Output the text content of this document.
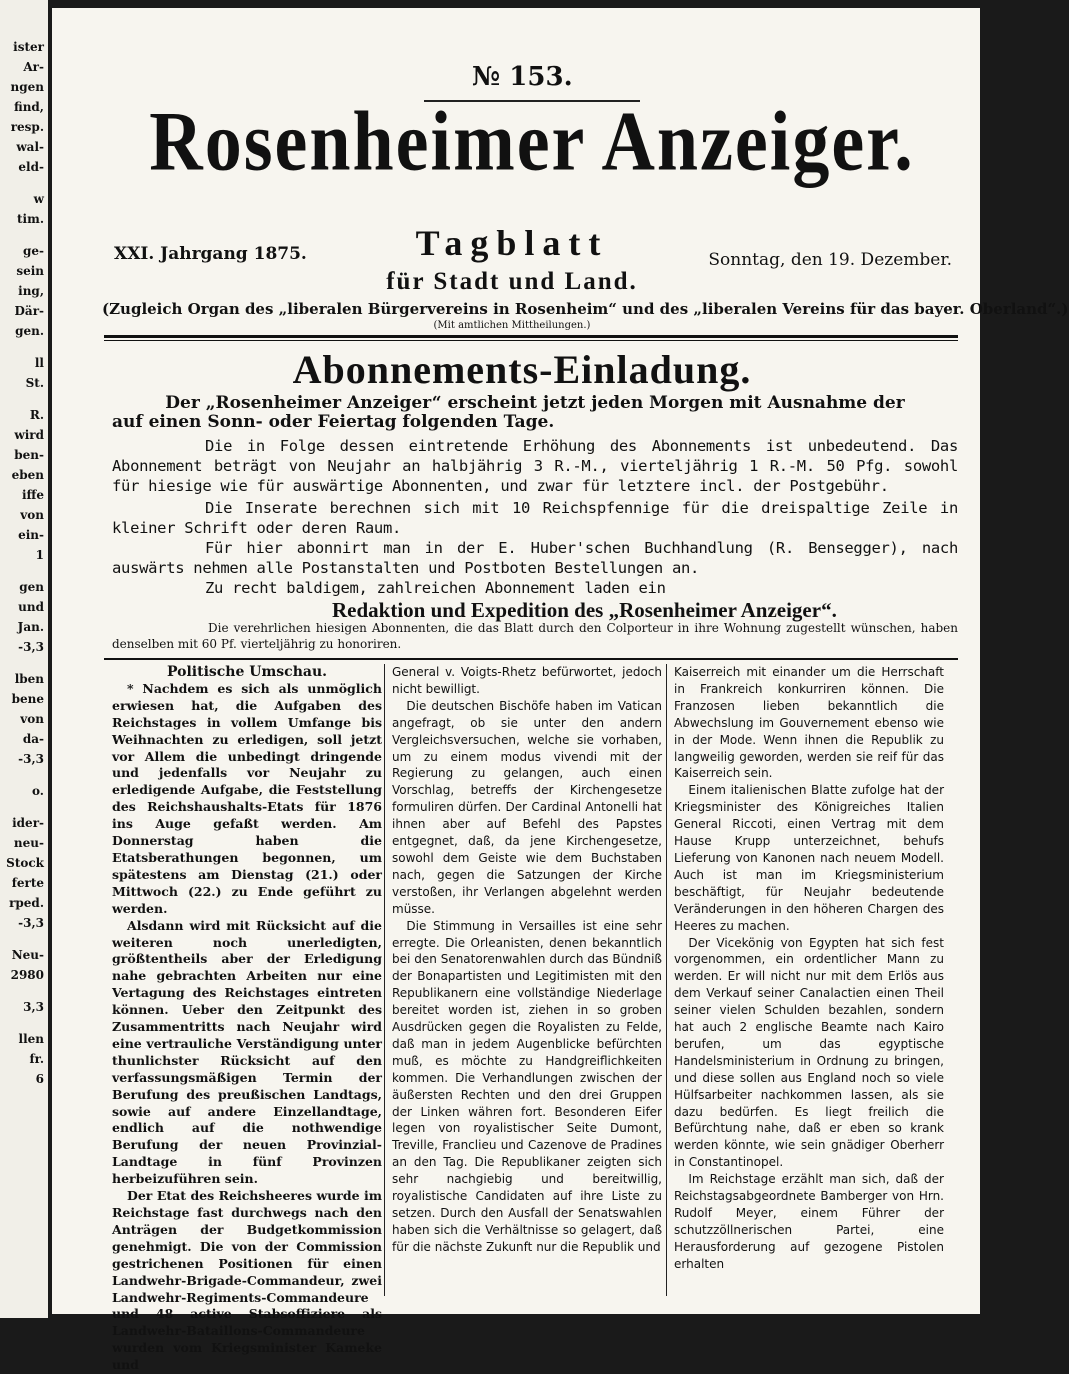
ister
Ar-
ngen
find,
resp.
wal-
eld-
w
tim.
ge-
sein
ing,
Där-
gen.
ll
St.
R.
wird
ben-
eben
iffe
von
ein-
1
gen
und
Jan.
-3,3
lben
bene
von
da-
-3,3
o.
ider-
neu-
Stock
ferte
rped.
-3,3
Neu-
2980
3,3
llen
fr.
6
№ 153.
Rosenheimer Anzeiger.
XXI. Jahrgang 1875.	Sonntag, den 19. Dezember.
Tagblatt
für Stadt und Land.
(Zugleich Organ des „liberalen Bürgervereins in Rosenheim“ und des „liberalen Vereins für das bayer. Oberland“.)
(Mit amtlichen Mittheilungen.)
Abonnements-Einladung.
Der „Rosenheimer Anzeiger“ erscheint jetzt jeden Morgen mit Ausnahme der
auf einen Sonn- oder Feiertag folgenden Tage.
Die in Folge dessen eintretende Erhöhung des Abonnements ist unbedeutend. Das Abonnement beträgt von Neujahr an halbjährig 3 R.-M., vierteljährig 1 R.-M. 50 Pfg. sowohl für hiesige wie für auswärtige Abonnenten, und zwar für letztere incl. der Postgebühr.
Die Inserate berechnen sich mit 10 Reichspfennige für die dreispaltige Zeile in kleiner Schrift oder deren Raum.
Für hier abonnirt man in der E. Huber'schen Buchhandlung (R. Bensegger), nach auswärts nehmen alle Postanstalten und Postboten Bestellungen an.
Zu recht baldigem, zahlreichen Abonnement laden ein
Redaktion und Expedition des „Rosenheimer Anzeiger“.
Die verehrlichen hiesigen Abonnenten, die das Blatt durch den Colporteur in ihre Wohnung zugestellt wünschen, haben denselben mit 60 Pf. vierteljährig zu honoriren.

Politische Umschau.

* Nachdem es sich als unmöglich erwiesen hat, die Aufgaben des Reichstages in vollem Umfange bis Weihnachten zu erledigen, soll jetzt vor Allem die unbedingt dringende und jedenfalls vor Neujahr zu erledigende Aufgabe, die Feststellung des Reichshaushalts-Etats für 1876 ins Auge gefaßt werden. Am Donnerstag haben die Etatsberathungen begonnen, um spätestens am Dienstag (21.) oder Mittwoch (22.) zu Ende geführt zu werden.

Alsdann wird mit Rücksicht auf die weiteren noch unerledigten, größtentheils aber der Erledigung nahe gebrachten Arbeiten nur eine Vertagung des Reichstages eintreten können. Ueber den Zeitpunkt des Zusammentritts nach Neujahr wird eine vertrauliche Verständigung unter thunlichster Rücksicht auf den verfassungsmäßigen Termin der Berufung des preußischen Landtags, sowie auf andere Einzellandtage, endlich auf die nothwendige Berufung der neuen Provinzial-Landtage in fünf Provinzen herbeizuführen sein.

Der Etat des Reichsheeres wurde im Reichstage fast durchwegs nach den Anträgen der Budgetkommission genehmigt. Die von der Commission gestrichenen Positionen für einen Landwehr-Brigade-Commandeur, zwei Landwehr-Regiments-Commandeure und 48 active Stabsoffiziere als Landwehr-Bataillons-Commandeure wurden vom Kriegsminister Kameke und

General v. Voigts-Rhetz befürwortet, jedoch nicht bewilligt.

Die deutschen Bischöfe haben im Vatican angefragt, ob sie unter den andern Vergleichsversuchen, welche sie vorhaben, um zu einem modus vivendi mit der Regierung zu gelangen, auch einen Vorschlag, betreffs der Kirchengesetze formuliren dürfen. Der Cardinal Antonelli hat ihnen aber auf Befehl des Papstes entgegnet, daß, da jene Kirchengesetze, sowohl dem Geiste wie dem Buchstaben nach, gegen die Satzungen der Kirche verstoßen, ihr Verlangen abgelehnt werden müsse.

Die Stimmung in Versailles ist eine sehr erregte. Die Orleanisten, denen bekanntlich bei den Senatorenwahlen durch das Bündniß der Bonapartisten und Legitimisten mit den Republikanern eine vollständige Niederlage bereitet worden ist, ziehen in so groben Ausdrücken gegen die Royalisten zu Felde, daß man in jedem Augenblicke befürchten muß, es möchte zu Handgreiflichkeiten kommen. Die Verhandlungen zwischen der äußersten Rechten und den drei Gruppen der Linken währen fort. Besonderen Eifer legen von royalistischer Seite Dumont, Treville, Franclieu und Cazenove de Pradines an den Tag. Die Republikaner zeigten sich sehr nachgiebig und bereitwillig, royalistische Candidaten auf ihre Liste zu setzen. Durch den Ausfall der Senatswahlen haben sich die Verhältnisse so gelagert, daß für die nächste Zukunft nur die Republik und

Kaiserreich mit einander um die Herrschaft in Frankreich konkurriren können. Die Franzosen lieben bekanntlich die Abwechslung im Gouvernement ebenso wie in der Mode. Wenn ihnen die Republik zu langweilig geworden, werden sie reif für das Kaiserreich sein.

Einem italienischen Blatte zufolge hat der Kriegsminister des Königreiches Italien General Riccoti, einen Vertrag mit dem Hause Krupp unterzeichnet, behufs Lieferung von Kanonen nach neuem Modell. Auch ist man im Kriegsministerium beschäftigt, für Neujahr bedeutende Veränderungen in den höheren Chargen des Heeres zu machen.

Der Vicekönig von Egypten hat sich fest vorgenommen, ein ordentlicher Mann zu werden. Er will nicht nur mit dem Erlös aus dem Verkauf seiner Canalactien einen Theil seiner vielen Schulden bezahlen, sondern hat auch 2 englische Beamte nach Kairo berufen, um das egyptische Handelsministerium in Ordnung zu bringen, und diese sollen aus England noch so viele Hülfsarbeiter nachkommen lassen, als sie dazu bedürfen. Es liegt freilich die Befürchtung nahe, daß er eben so krank werden könnte, wie sein gnädiger Oberherr in Constantinopel.

Im Reichstage erzählt man sich, daß der Reichstagsabgeordnete Bamberger von Hrn. Rudolf Meyer, einem Führer der schutzzöllnerischen Partei, eine Herausforderung auf gezogene Pistolen erhalten
